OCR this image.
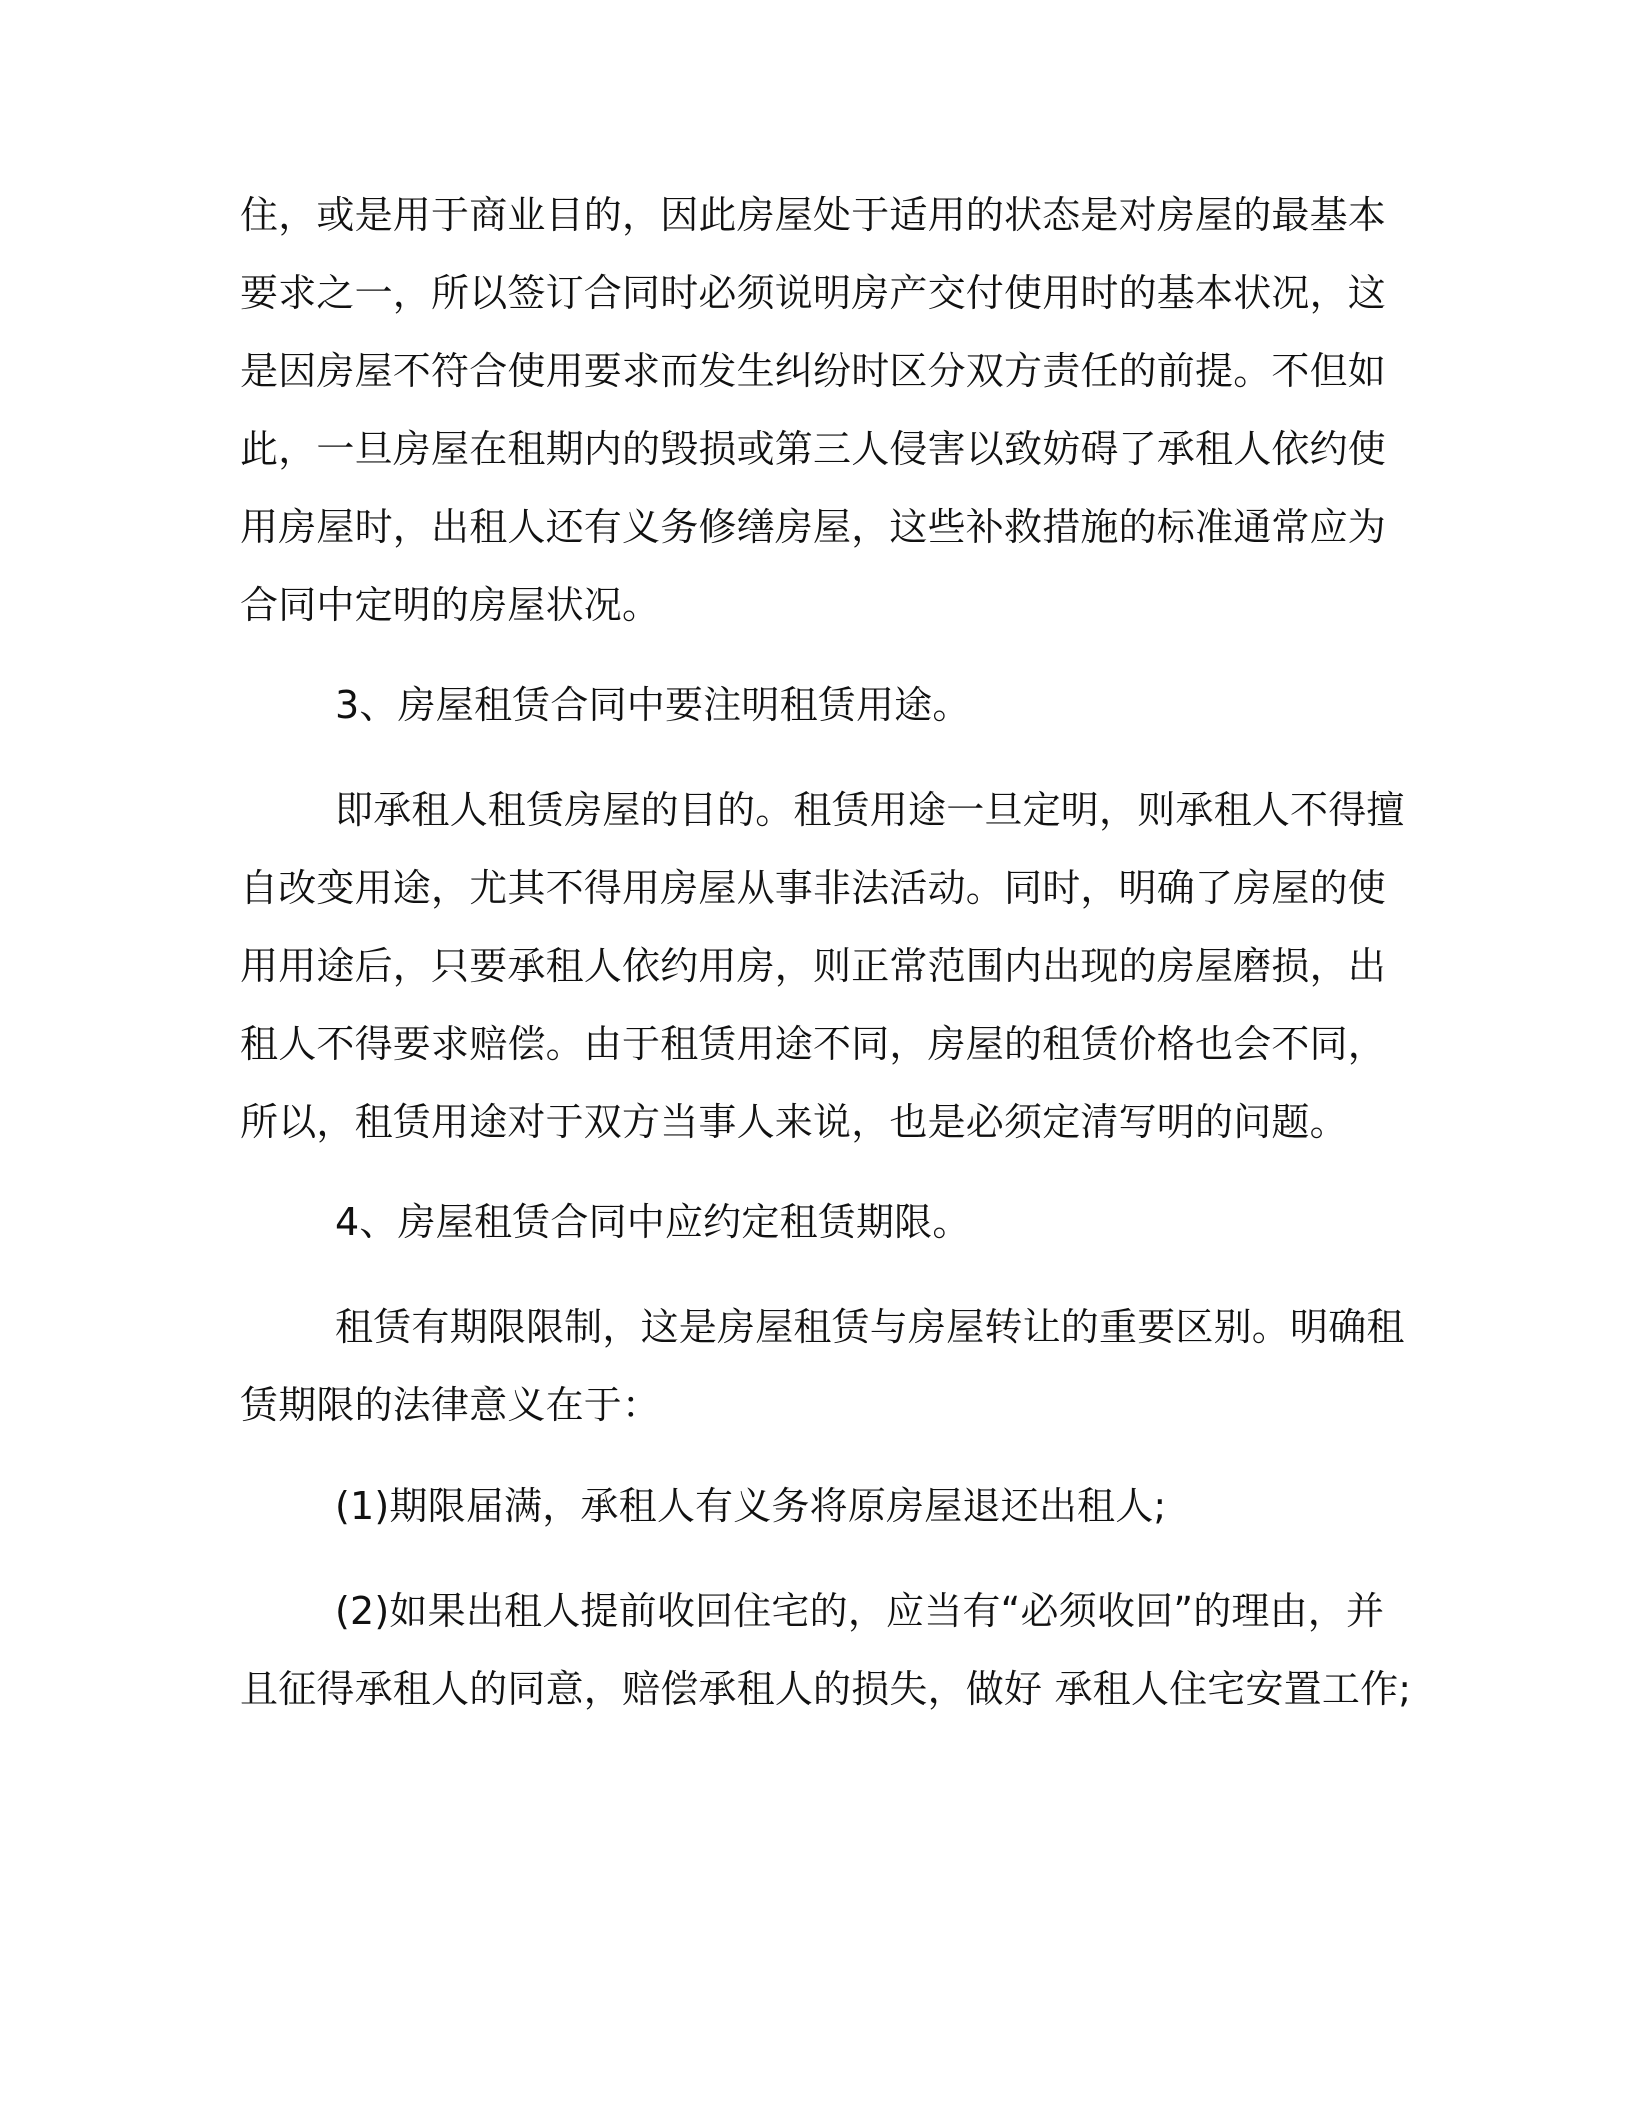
住，或是用于商业目的，因此房屋处于适用的状态是对房屋的最基本

要求之一，所以签订合同时必须说明房产交付使用时的基本状况，这

是因房屋不符合使用要求而发生纠纷时区分双方责任的前提。不但如

此，一旦房屋在租期内的毁损或第三人侵害以致妨碍了承租人依约使

用房屋时，出租人还有义务修缮房屋，这些补救措施的标准通常应为

合同中定明的房屋状况。

3、房屋租赁合同中要注明租赁用途。

即承租人租赁房屋的目的。租赁用途一旦定明，则承租人不得擅

自改变用途，尤其不得用房屋从事非法活动。同时，明确了房屋的使

用用途后，只要承租人依约用房，则正常范围内出现的房屋磨损，出

租人不得要求赔偿。由于租赁用途不同，房屋的租赁价格也会不同，

所以，租赁用途对于双方当事人来说，也是必须定清写明的问题。

4、房屋租赁合同中应约定租赁期限。

租赁有期限限制，这是房屋租赁与房屋转让的重要区别。明确租

赁期限的法律意义在于：

(1)期限届满，承租人有义务将原房屋退还出租人;

(2)如果出租人提前收回住宅的，应当有“必须收回”的理由，并

且征得承租人的同意，赔偿承租人的损失，做好 承租人住宅安置工作;
